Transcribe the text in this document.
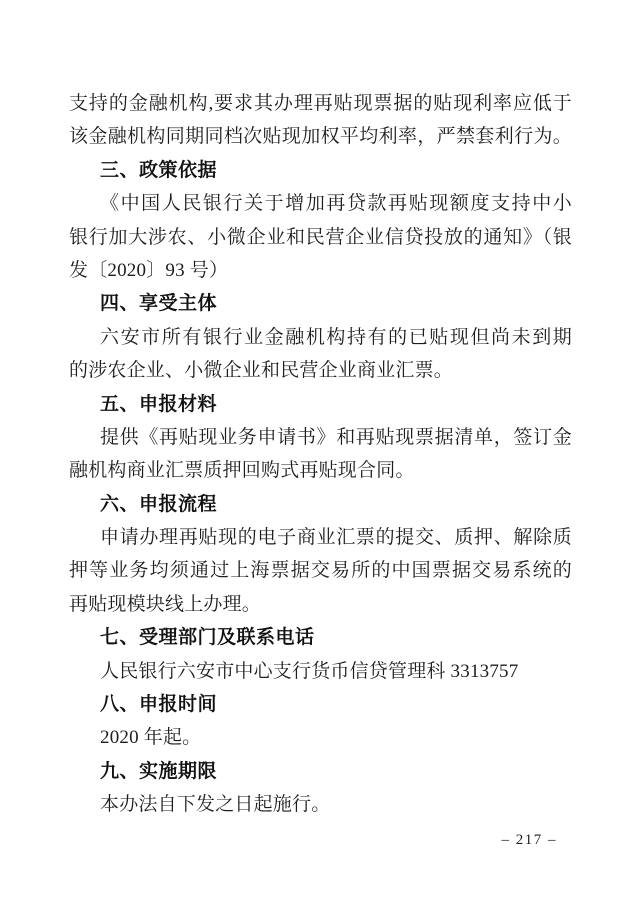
支持的金融机构,要求其办理再贴现票据的贴现利率应低于
该金融机构同期同档次贴现加权平均利率，严禁套利行为。
三、政策依据
《中国人民银行关于增加再贷款再贴现额度支持中小
银行加大涉农、小微企业和民营企业信贷投放的通知》（银
发〔2020〕93 号）
四、享受主体
六安市所有银行业金融机构持有的已贴现但尚未到期
的涉农企业、小微企业和民营企业商业汇票。
五、申报材料
提供《再贴现业务申请书》和再贴现票据清单，签订金
融机构商业汇票质押回购式再贴现合同。
六、申报流程
申请办理再贴现的电子商业汇票的提交、质押、解除质
押等业务均须通过上海票据交易所的中国票据交易系统的
再贴现模块线上办理。
七、受理部门及联系电话
人民银行六安市中心支行货币信贷管理科 3313757
八、申报时间
2020 年起。
九、实施期限
本办法自下发之日起施行。
– 217 –
